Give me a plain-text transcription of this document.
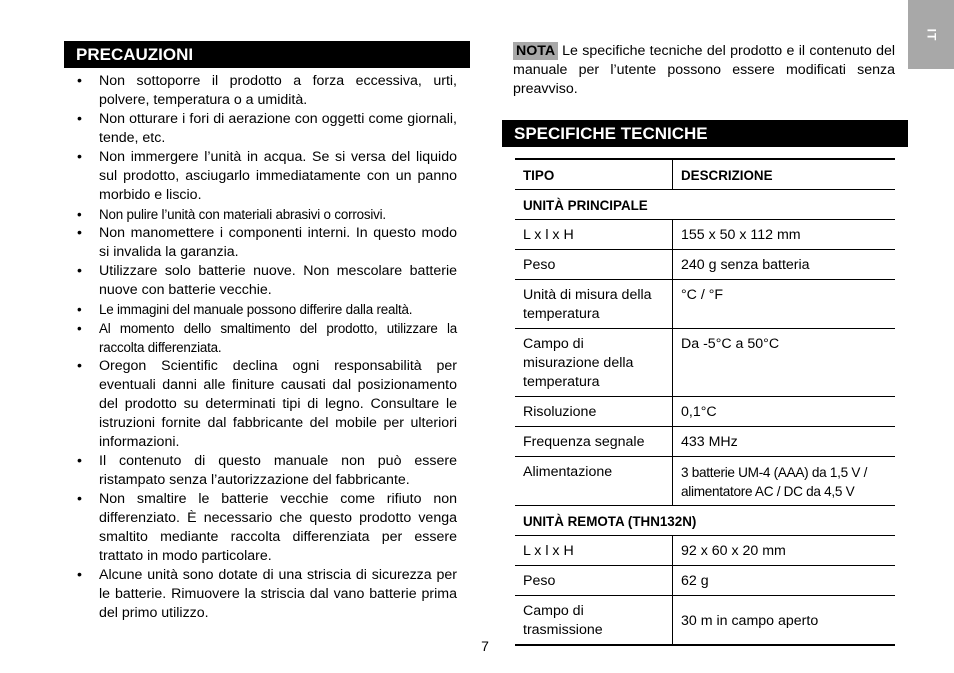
IT
PRECAUZIONI
• Non sottoporre il prodotto a forza eccessiva, urti, polvere, temperatura o a umidità.
• Non otturare i fori di aerazione con oggetti come giornali, tende, etc.
• Non immergere l’unità in acqua. Se si versa del liquido sul prodotto, asciugarlo immediatamente con un panno morbido e liscio.
• Non pulire l’unità con materiali abrasivi o corrosivi.
• Non manomettere i componenti interni. In questo modo si invalida la garanzia.
• Utilizzare solo batterie nuove. Non mescolare batterie nuove con batterie vecchie.
• Le immagini del manuale possono differire dalla realtà.
• Al momento dello smaltimento del prodotto, utilizzare la raccolta differenziata.
• Oregon Scientific declina ogni responsabilità per eventuali danni alle finiture causati dal posizionamento del prodotto su determinati tipi di legno. Consultare le istruzioni fornite dal fabbricante del mobile per ulteriori informazioni.
• Il contenuto di questo manuale non può essere ristampato senza l’autorizzazione del fabbricante.
• Non smaltire le batterie vecchie come rifiuto non differenziato. È necessario che questo prodotto venga smaltito mediante raccolta differenziata per essere trattato in modo particolare.
• Alcune unità sono dotate di una striscia di sicurezza per le batterie. Rimuovere la striscia dal vano batterie prima del primo utilizzo.
NOTA Le specifiche tecniche del prodotto e il contenuto del manuale per l’utente possono essere modificati senza preavviso.
SPECIFICHE TECNICHE
TIPO	DESCRIZIONE
UNITÀ PRINCIPALE	
L x l x H	155 x 50 x 112 mm
Peso	240 g senza batteria
Unità di misura della temperatura	°C / °F
Campo di misurazione della temperatura	Da -5°C a 50°C
Risoluzione	0,1°C
Frequenza segnale	433 MHz
Alimentazione	3 batterie UM-4 (AAA) da 1,5 V / alimentatore AC / DC da 4,5 V
UNITÀ REMOTA (THN132N)	
L x l x H	92 x 60 x 20 mm
Peso	62 g
Campo di trasmissione	30 m in campo aperto
7
